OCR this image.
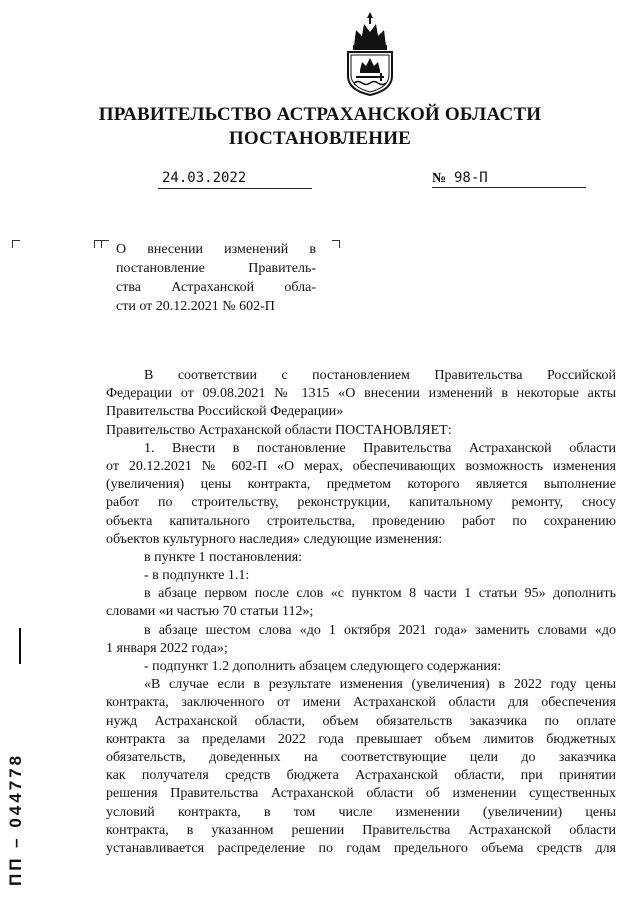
ПРАВИТЕЛЬСТВО АСТРАХАНСКОЙ ОБЛАСТИ
ПОСТАНОВЛЕНИЕ
24.03.2022	№ 98-П
О внесении изменений в
постановление Правитель-
ства Астраханской обла-
сти от 20.12.2021 № 602-П
В соответствии с постановлением Правительства Российской
Федерации от 09.08.2021 № 1315 «О внесении изменений в некоторые акты
Правительства Российской Федерации»
Правительство Астраханской области ПОСТАНОВЛЯЕТ:
1. Внести в постановление Правительства Астраханской области
от 20.12.2021 № 602-П «О мерах, обеспечивающих возможность изменения
(увеличения) цены контракта, предметом которого является выполнение
работ по строительству, реконструкции, капитальному ремонту, сносу
объекта капитального строительства, проведению работ по сохранению
объектов культурного наследия» следующие изменения:
в пункте 1 постановления:
- в подпункте 1.1:
в абзаце первом после слов «с пунктом 8 части 1 статьи 95» дополнить
словами «и частью 70 статьи 112»;
в абзаце шестом слова «до 1 октября 2021 года» заменить словами «до
1 января 2022 года»;
- подпункт 1.2 дополнить абзацем следующего содержания:
«В случае если в результате изменения (увеличения) в 2022 году цены
контракта, заключенного от имени Астраханской области для обеспечения
нужд Астраханской области, объем обязательств заказчика по оплате
контракта за пределами 2022 года превышает объем лимитов бюджетных
обязательств, доведенных на соответствующие цели до заказчика
как получателя средств бюджета Астраханской области, при принятии
решения Правительства Астраханской области об изменении существенных
условий контракта, в том числе изменении (увеличении) цены
контракта, в указанном решении Правительства Астраханской области
устанавливается распределение по годам предельного объема средств для
ПП – 044778
